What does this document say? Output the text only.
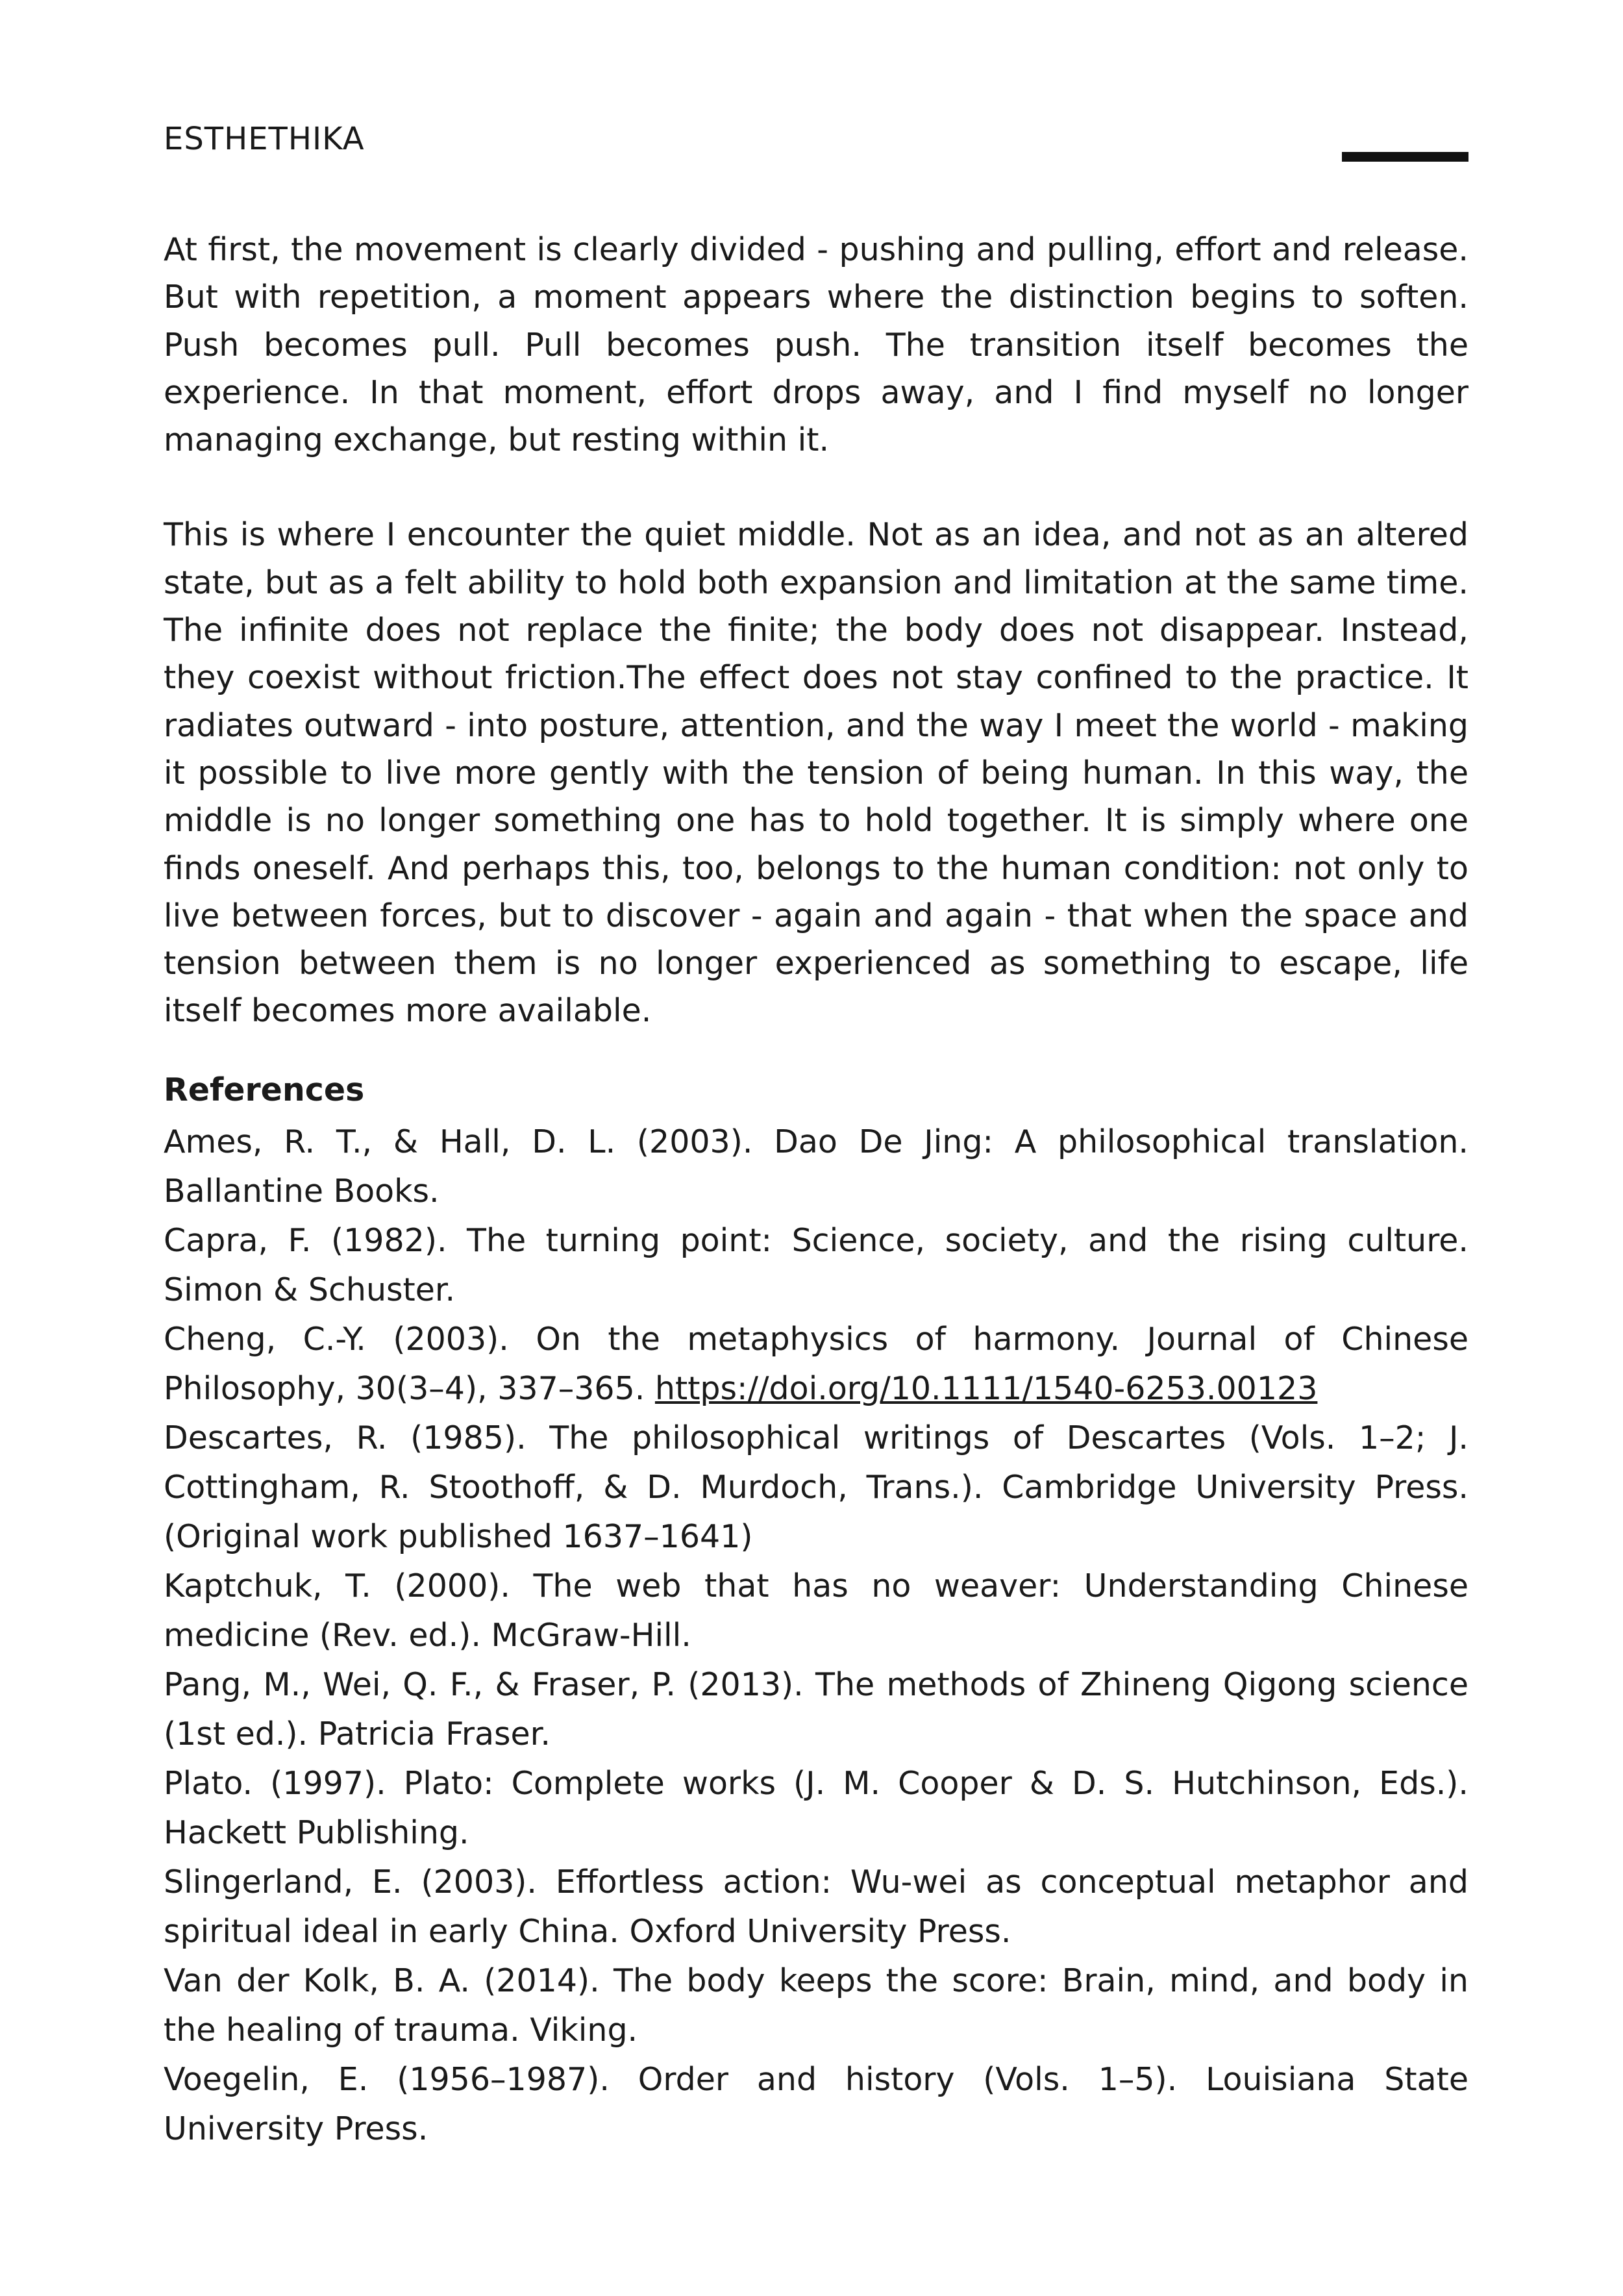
ESTHETHIKA

At first, the movement is clearly divided - pushing and pulling, effort and release. But with repetition, a moment appears where the distinction begins to soften. Push becomes pull. Pull becomes push. The transition itself becomes the experience. In that moment, effort drops away, and I find myself no longer managing exchange, but resting within it.

This is where I encounter the quiet middle. Not as an idea, and not as an altered state, but as a felt ability to hold both expansion and limitation at the same time. The infinite does not replace the finite; the body does not disappear. Instead, they coexist without friction.The effect does not stay confined to the practice. It radiates outward - into posture, attention, and the way I meet the world - making it possible to live more gently with the tension of being human. In this way, the middle is no longer something one has to hold together. It is simply where one finds oneself. And perhaps this, too, belongs to the human condition: not only to live between forces, but to discover - again and again - that when the space and tension between them is no longer experienced as something to escape, life itself becomes more available.

References
Ames, R. T., & Hall, D. L. (2003). Dao De Jing: A philosophical translation. Ballantine Books.
Capra, F. (1982). The turning point: Science, society, and the rising culture. Simon & Schuster.
Cheng, C.-Y. (2003). On the metaphysics of harmony. Journal of Chinese Philosophy, 30(3–4), 337–365. https://doi.org/10.1111/1540-6253.00123
Descartes, R. (1985). The philosophical writings of Descartes (Vols. 1–2; J. Cottingham, R. Stoothoff, & D. Murdoch, Trans.). Cambridge University Press. (Original work published 1637–1641)
Kaptchuk, T. (2000). The web that has no weaver: Understanding Chinese medicine (Rev. ed.). McGraw-Hill.
Pang, M., Wei, Q. F., & Fraser, P. (2013). The methods of Zhineng Qigong science (1st ed.). Patricia Fraser.
Plato. (1997). Plato: Complete works (J. M. Cooper & D. S. Hutchinson, Eds.). Hackett Publishing.
Slingerland, E. (2003). Effortless action: Wu-wei as conceptual metaphor and spiritual ideal in early China. Oxford University Press.
Van der Kolk, B. A. (2014). The body keeps the score: Brain, mind, and body in the healing of trauma. Viking.
Voegelin, E. (1956–1987). Order and history (Vols. 1–5). Louisiana State University Press.
